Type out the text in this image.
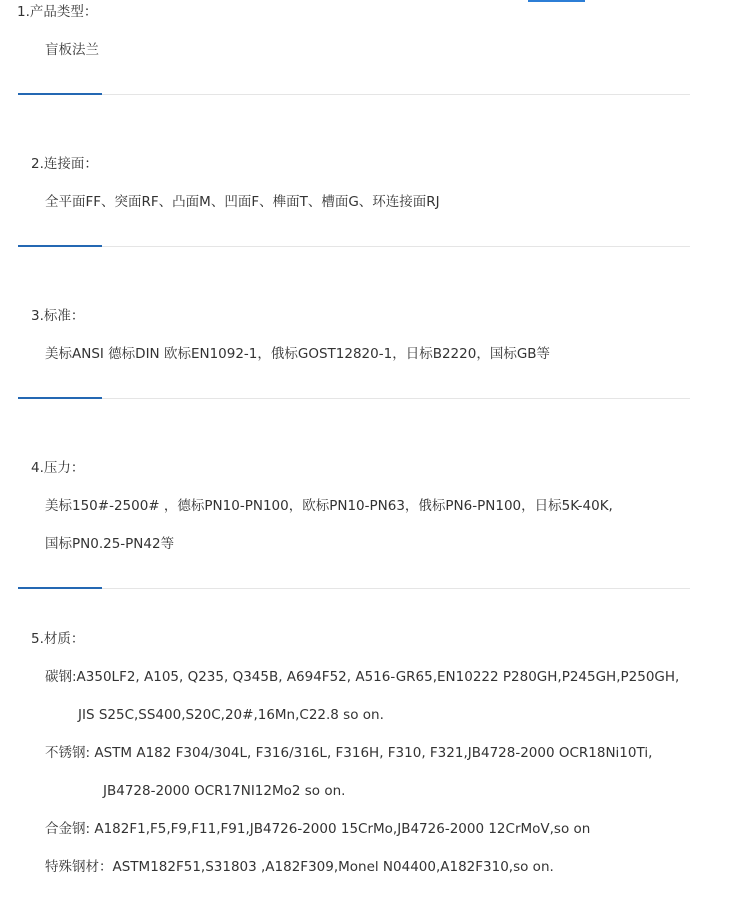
1.产品类型：
盲板法兰
2.连接面：
全平面FF、突面RF、凸面M、凹面F、榫面T、槽面G、环连接面RJ
3.标准：
美标ANSI 德标DIN 欧标EN1092-1，俄标GOST12820-1，日标B2220，国标GB等
4.压力：
美标150#-2500# ，德标PN10-PN100，欧标PN10-PN63，俄标PN6-PN100，日标5K-40K,
国标PN0.25-PN42等
5.材质：
碳钢:A350LF2, A105, Q235, Q345B, A694F52, A516-GR65,EN10222 P280GH,P245GH,P250GH,
JIS S25C,SS400,S20C,20#,16Mn,C22.8 so on.
不锈钢: ASTM A182 F304/304L, F316/316L, F316H, F310, F321,JB4728-2000 OCR18Ni10Ti,
JB4728-2000 OCR17NI12Mo2 so on.
合金钢: A182F1,F5,F9,F11,F91,JB4726-2000 15CrMo,JB4726-2000 12CrMoV,so on
特殊钢材：ASTM182F51,S31803 ,A182F309,Monel N04400,A182F310,so on.
